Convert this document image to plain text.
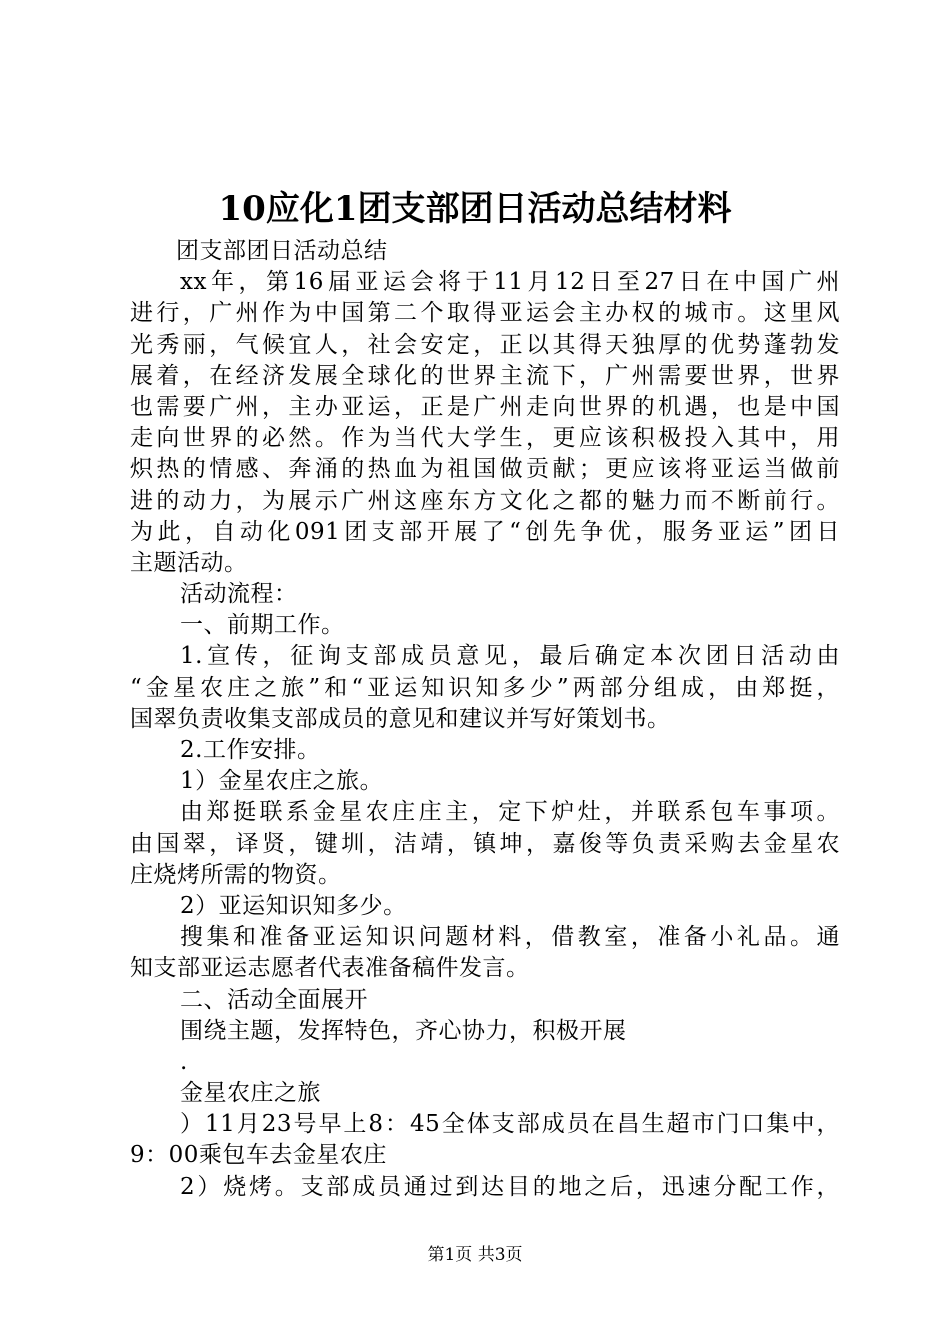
10应化1团支部团日活动总结材料
团支部团日活动总结
xx年，第16届亚运会将于11月12日至27日在中国广州
进行，广州作为中国第二个取得亚运会主办权的城市。这里风
光秀丽，气候宜人，社会安定，正以其得天独厚的优势蓬勃发
展着，在经济发展全球化的世界主流下，广州需要世界，世界
也需要广州，主办亚运，正是广州走向世界的机遇，也是中国
走向世界的必然。作为当代大学生，更应该积极投入其中，用
炽热的情感、奔涌的热血为祖国做贡献；更应该将亚运当做前
进的动力，为展示广州这座东方文化之都的魅力而不断前行。
为此，自动化091团支部开展了“创先争优，服务亚运”团日
主题活动。
活动流程：
一、前期工作。
1.宣传，征询支部成员意见，最后确定本次团日活动由
“金星农庄之旅”和“亚运知识知多少”两部分组成，由郑挺，
国翠负责收集支部成员的意见和建议并写好策划书。
2.工作安排。
1）金星农庄之旅。
由郑挺联系金星农庄庄主，定下炉灶，并联系包车事项。
由国翠，译贤，键圳，洁靖，镇坤，嘉俊等负责采购去金星农
庄烧烤所需的物资。
2）亚运知识知多少。
搜集和准备亚运知识问题材料，借教室，准备小礼品。通
知支部亚运志愿者代表准备稿件发言。
二、活动全面展开
围绕主题，发挥特色，齐心协力，积极开展
.
金星农庄之旅
）11月23号早上8：45全体支部成员在昌生超市门口集中，
9：00乘包车去金星农庄
2）烧烤。支部成员通过到达目的地之后，迅速分配工作，
第1页 共3页
